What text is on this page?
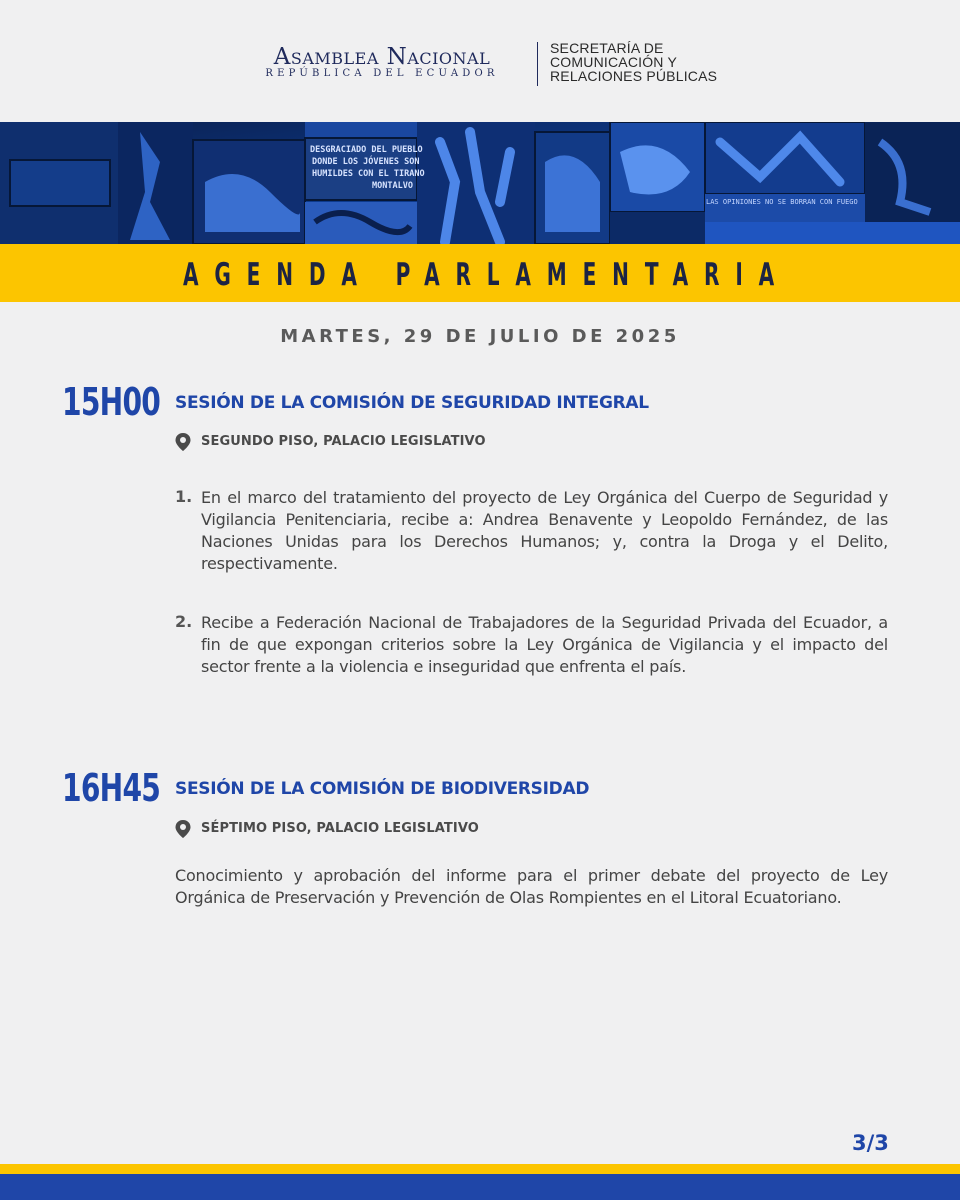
Asamblea Nacional
REPÚBLICA DEL ECUADOR
SECRETARÍA DE
COMUNICACIÓN Y
RELACIONES PÚBLICAS
DESGRACIADO DEL PUEBLO
DONDE LOS JÓVENES SON
HUMILDES CON EL TIRANO
MONTALVO
LAS OPINIONES NO SE BORRAN CON FUEGO
AGENDA PARLAMENTARIA
MARTES, 29 DE JULIO DE 2025
15H00 SESIÓN DE LA COMISIÓN DE SEGURIDAD INTEGRAL
SEGUNDO PISO, PALACIO LEGISLATIVO
1. En el marco del tratamiento del proyecto de Ley Orgánica del Cuerpo de Seguridad y Vigilancia Penitenciaria, recibe a: Andrea Benavente y Leopoldo Fernández, de las Naciones Unidas para los Derechos Humanos; y, contra la Droga y el Delito, respectivamente.
2. Recibe a Federación Nacional de Trabajadores de la Seguridad Privada del Ecuador, a fin de que expongan criterios sobre la Ley Orgánica de Vigilancia y el impacto del sector frente a la violencia e inseguridad que enfrenta el país.
16H45 SESIÓN DE LA COMISIÓN DE BIODIVERSIDAD
SÉPTIMO PISO, PALACIO LEGISLATIVO
Conocimiento y aprobación del informe para el primer debate del proyecto de Ley Orgánica de Preservación y Prevención de Olas Rompientes en el Litoral Ecuatoriano.
3/3
